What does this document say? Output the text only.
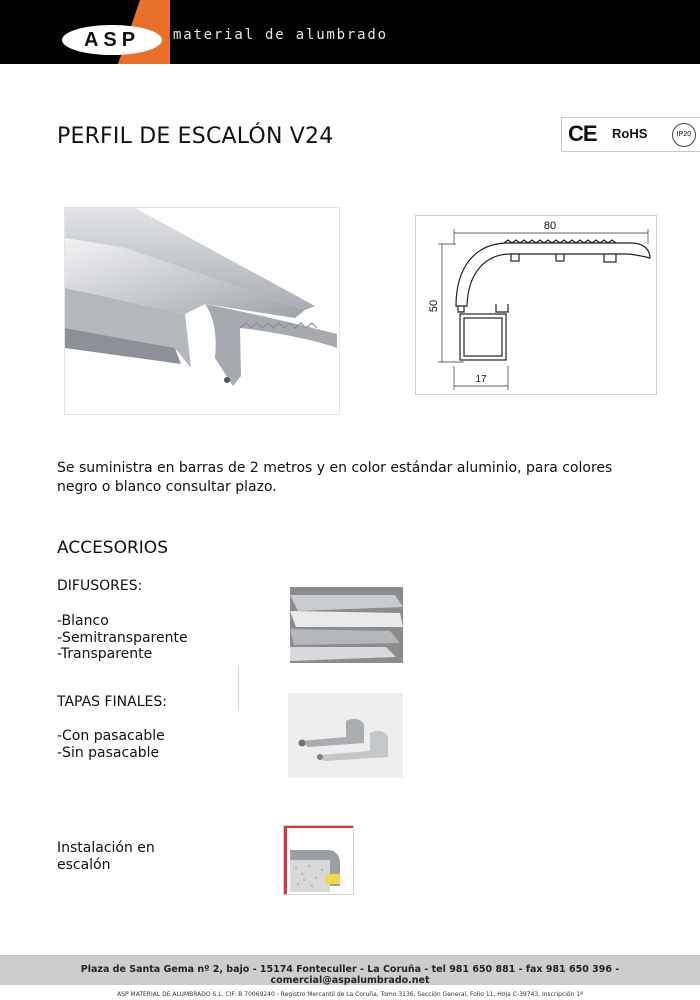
ASP material de alumbrado
PERFIL DE ESCALÓN V24	CE RoHS	IP20
80
50
17
Se suministra en barras de 2 metros y en color estándar aluminio, para colores negro o blanco consultar plazo.
ACCESORIOS
DIFUSORES:
-Blanco
-Semitransparente
-Transparente
TAPAS FINALES:
-Con pasacable
-Sin pasacable
Instalación en
escalón
Plaza de Santa Gema nº 2, bajo - 15174 Fonteculler - La Coruña - tel 981 650 881 - fax 981 650 396 - comercial@aspalumbrado.net
ASP MATERIAL DE ALUMBRADO S.L. CIF: B 70069240 - Registro Mercantil de La Coruña, Tomo 3136, Sección General, Folio 11, Hoja C-39743, Inscripción 1ª
